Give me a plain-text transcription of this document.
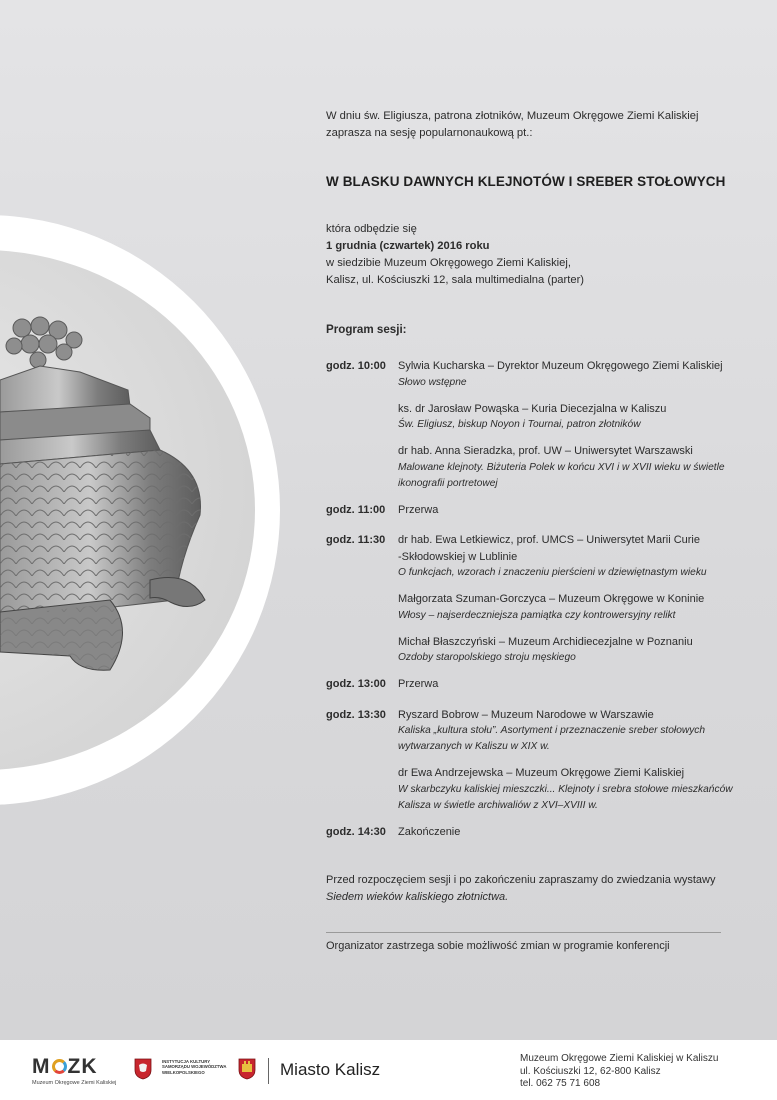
W dniu św. Eligiusza, patrona złotników, Muzeum Okręgowe Ziemi Kaliskiej
zaprasza na sesję popularnonaukową pt.:
W BLASKU DAWNYCH KLEJNOTÓW I SREBER STOŁOWYCH
która odbędzie się
1 grudnia (czwartek) 2016 roku
w siedzibie Muzeum Okręgowego Ziemi Kaliskiej,
Kalisz, ul. Kościuszki 12, sala multimedialna (parter)
Program sesji:
godz. 10:00	Sylwia Kucharska – Dyrektor Muzeum Okręgowego Ziemi Kaliskiej
Słowo wstępne
ks. dr Jarosław Powąska – Kuria Diecezjalna w Kaliszu
Św. Eligiusz, biskup Noyon i Tournai, patron złotników
dr hab. Anna Sieradzka, prof. UW – Uniwersytet Warszawski
Malowane klejnoty. Biżuteria Polek w końcu XVI i w XVII wieku w świetle
ikonografii portretowej
godz. 11:00	Przerwa
godz. 11:30	dr hab. Ewa Letkiewicz, prof. UMCS – Uniwersytet Marii Curie
-Skłodowskiej w Lublinie
O funkcjach, wzorach i znaczeniu pierścieni w dziewiętnastym wieku
Małgorzata Szuman-Gorczyca – Muzeum Okręgowe w Koninie
Włosy – najserdeczniejsza pamiątka czy kontrowersyjny relikt
Michał Błaszczyński – Muzeum Archidiecezjalne w Poznaniu
Ozdoby staropolskiego stroju męskiego
godz. 13:00	Przerwa
godz. 13:30	Ryszard Bobrow – Muzeum Narodowe w Warszawie
Kaliska „kultura stołu”. Asortyment i przeznaczenie sreber stołowych
wytwarzanych w Kaliszu w XIX w.
dr Ewa Andrzejewska – Muzeum Okręgowe Ziemi Kaliskiej
W skarbczyku kaliskiej mieszczki... Klejnoty i srebra stołowe mieszkańców
Kalisza w świetle archiwaliów z XVI–XVIII w.
godz. 14:30	Zakończenie
Przed rozpoczęciem sesji i po zakończeniu zapraszamy do zwiedzania wystawy
Siedem wieków kaliskiego złotnictwa.
Organizator zastrzega sobie możliwość zmian w programie konferencji
M ZK
Muzeum Okręgowe Ziemi Kaliskiej
INSTYTUCJA KULTURY
SAMORZĄDU WOJEWÓDZTWA
WIELKOPOLSKIEGO	Miasto Kalisz
Muzeum Okręgowe Ziemi Kaliskiej w Kaliszu
ul. Kościuszki 12, 62-800 Kalisz
tel. 062 75 71 608
